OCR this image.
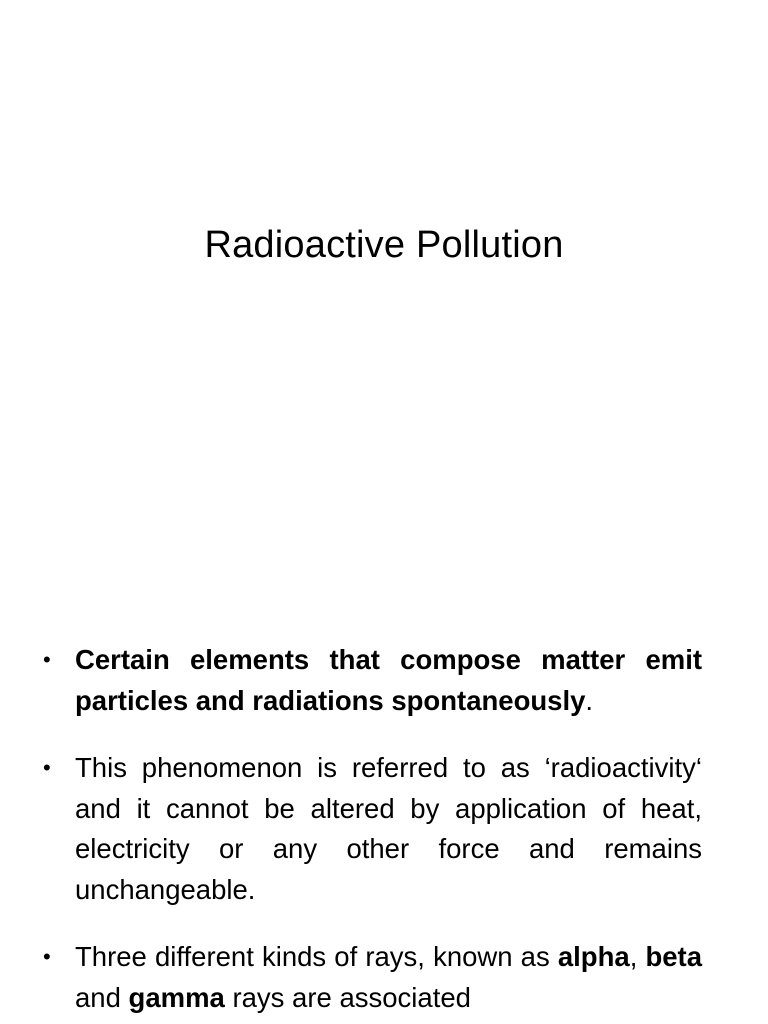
Radioactive Pollution
• Certain elements that compose matter emit particles and radiations spontaneously.
• This phenomenon is referred to as ‘radioactivity‘ and it cannot be altered by application of heat, electricity or any other force and remains unchangeable.
• Three different kinds of rays, known as alpha, beta and gamma rays are associated
